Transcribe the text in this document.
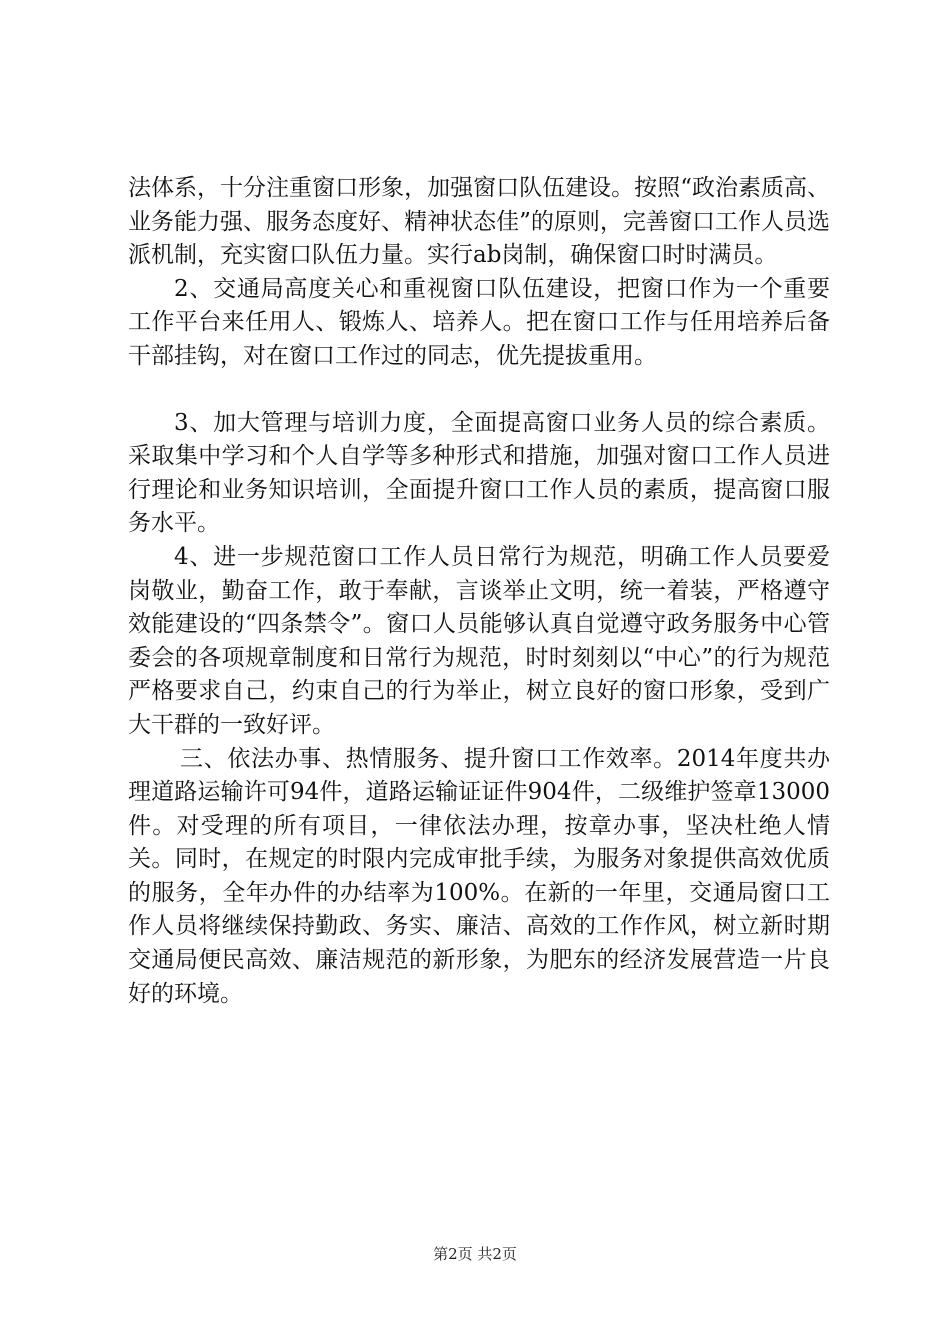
法体系，十分注重窗口形象，加强窗口队伍建设。按照“政治素质高、业务能力强、服务态度好、精神状态佳”的原则，完善窗口工作人员选派机制，充实窗口队伍力量。实行ab岗制，确保窗口时时满员。

2、交通局高度关心和重视窗口队伍建设，把窗口作为一个重要工作平台来任用人、锻炼人、培养人。把在窗口工作与任用培养后备干部挂钩，对在窗口工作过的同志，优先提拔重用。

3、加大管理与培训力度，全面提高窗口业务人员的综合素质。采取集中学习和个人自学等多种形式和措施，加强对窗口工作人员进行理论和业务知识培训，全面提升窗口工作人员的素质，提高窗口服务水平。

4、进一步规范窗口工作人员日常行为规范，明确工作人员要爱岗敬业，勤奋工作，敢于奉献，言谈举止文明，统一着装，严格遵守效能建设的“四条禁令”。窗口人员能够认真自觉遵守政务服务中心管委会的各项规章制度和日常行为规范，时时刻刻以“中心”的行为规范严格要求自己，约束自己的行为举止，树立良好的窗口形象，受到广大干群的一致好评。

三、依法办事、热情服务、提升窗口工作效率。2014年度共办理道路运输许可94件，道路运输证证件904件，二级维护签章13000件。对受理的所有项目，一律依法办理，按章办事，坚决杜绝人情关。同时，在规定的时限内完成审批手续，为服务对象提供高效优质的服务，全年办件的办结率为100%。在新的一年里，交通局窗口工作人员将继续保持勤政、务实、廉洁、高效的工作作风，树立新时期交通局便民高效、廉洁规范的新形象，为肥东的经济发展营造一片良好的环境。

第2页 共2页
